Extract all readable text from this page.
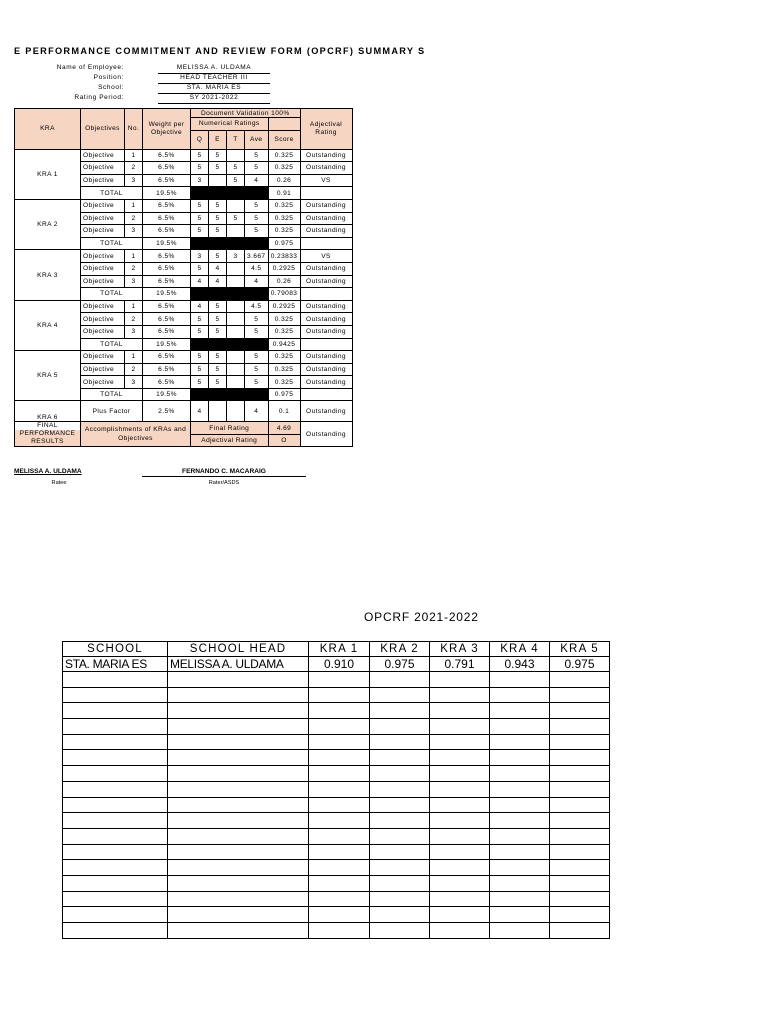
E PERFORMANCE COMMITMENT AND REVIEW FORM (OPCRF) SUMMARY S
Name of Employee:	MELISSA A. ULDAMA
Position:	HEAD TEACHER III
School:	STA. MARIA ES
Rating Period:	SY 2021-2022
KRA	Objectives	No.	Weight per Objective	Document Validation 100%					Adjectival Rating
				Numerical Ratings					
				Q	E	T	Ave	Score	
KRA 1	Objective	1	6.5%	5	5		5	0.325	Outstanding
	Objective	2	6.5%	5	5	5	5	0.325	Outstanding
	Objective	3	6.5%	3		5	4	0.26	VS
	TOTAL		19.5%					0.91	
KRA 2	Objective	1	6.5%	5	5		5	0.325	Outstanding
	Objective	2	6.5%	5	5	5	5	0.325	Outstanding
	Objective	3	6.5%	5	5		5	0.325	Outstanding
	TOTAL		19.5%					0.975	
KRA 3	Objective	1	6.5%	3	5	3	3.667	0.23833	VS
	Objective	2	6.5%	5	4		4.5	0.2925	Outstanding
	Objective	3	6.5%	4	4		4	0.26	Outstanding
	TOTAL		19.5%					0.79083	
KRA 4	Objective	1	6.5%	4	5		4.5	0.2925	Outstanding
	Objective	2	6.5%	5	5		5	0.325	Outstanding
	Objective	3	6.5%	5	5		5	0.325	Outstanding
	TOTAL		19.5%					0.9425	
KRA 5	Objective	1	6.5%	5	5		5	0.325	Outstanding
	Objective	2	6.5%	5	5		5	0.325	Outstanding
	Objective	3	6.5%	5	5		5	0.325	Outstanding
	TOTAL		19.5%					0.975	
KRA 6	Plus Factor		2.5%	4			4	0.1	Outstanding

FINAL
PERFORMANCE RESULTS	Accomplishments of KRAs and Objectives			Final Rating				4.69	Outstanding
				Adjectival Rating				O	
MELISSA A. ULDAMA
Ratee
FERNANDO C. MACARAIG
Rater/ASDS
OPCRF 2021-2022
SCHOOL	SCHOOL HEAD	KRA 1	KRA 2	KRA 3	KRA 4	KRA 5
STA. MARIA ES	MELISSA A. ULDAMA	0.910	0.975	0.791	0.943	0.975
